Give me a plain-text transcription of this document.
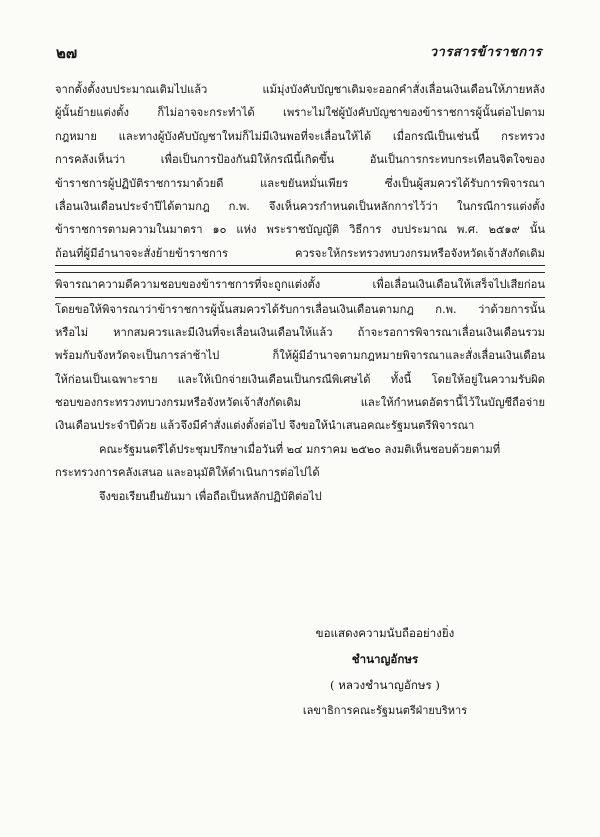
๒๗	วารสารข้าราชการ
จากตั้งตั้งงบประมาณเดิมไปแล้ว แม้มุ่งบังคับบัญชาเดิมจะออกคำสั่งเลื่อนเงินเดือนให้ภายหลัง
ผู้นั้นย้ายแต่งตั้ง ก็ไม่อาจจะกระทำได้ เพราะไม่ใช่ผู้บังคับบัญชาของข้าราชการผู้นั้นต่อไปตาม
กฎหมาย และทางผู้บังคับบัญชาใหม่ก็ไม่มีเงินพอที่จะเลื่อนให้ได้ เมื่อกรณีเป็นเช่นนี้ กระทรวง
การคลังเห็นว่า เพื่อเป็นการป้องกันมิให้กรณีนี้เกิดขึ้น อันเป็นการกระทบกระเทือนจิตใจของ
ข้าราชการผู้ปฏิบัติราชการมาด้วยดี และขยันหมั่นเพียร ซึ่งเป็นผู้สมควรได้รับการพิจารณา
เลื่อนเงินเดือนประจำปีได้ตามกฎ ก.พ. จึงเห็นควรกำหนดเป็นหลักการไว้ว่า ในกรณีการแต่งตั้ง
ข้าราชการตามความในมาตรา ๑๐ แห่ง พระราชบัญญัติ วิธีการ งบประมาณ พ.ศ. ๒๕๑๙ นั้น
ถ้อนที่ผู้มีอำนาจจะสั่งย้ายข้าราชการ ควรจะให้กระทรวงทบวงกรมหรือจังหวัดเจ้าสังกัดเดิม
พิจารณาความดีความชอบของข้าราชการที่จะถูกแต่งตั้ง เพื่อเลื่อนเงินเดือนให้เสร็จไปเสียก่อน
โดยขอให้พิจารณาว่าข้าราชการผู้นั้นสมควรได้รับการเลื่อนเงินเดือนตามกฎ ก.พ. ว่าด้วยการนั้น
หรือไม่ หากสมควรและมีเงินที่จะเลื่อนเงินเดือนให้แล้ว ถ้าจะรอการพิจารณาเลื่อนเงินเดือนรวม
พร้อมกับจังหวัดจะเป็นการล่าช้าไป ก็ให้ผู้มีอำนาจตามกฎหมายพิจารณาและสั่งเลื่อนเงินเดือน
ให้ก่อนเป็นเฉพาะราย และให้เบิกจ่ายเงินเดือนเป็นกรณีพิเศษได้ ทั้งนี้ โดยให้อยู่ในความรับผิด
ชอบของกระทรวงทบวงกรมหรือจังหวัดเจ้าสังกัดเดิม และให้กำหนดอัตรานี้ไว้ในบัญชีถือจ่าย
เงินเดือนประจำปีด้วย แล้วจึงมีคำสั่งแต่งตั้งต่อไป จึงขอให้นำเสนอคณะรัฐมนตรีพิจารณา
คณะรัฐมนตรีได้ประชุมปรึกษาเมื่อวันที่ ๒๔ มกราคม ๒๕๒๐ ลงมติเห็นชอบด้วยตามที่
กระทรวงการคลังเสนอ และอนุมัติให้ดำเนินการต่อไปได้
จึงขอเรียนยืนยันมา เพื่อถือเป็นหลักปฏิบัติต่อไป
ขอแสดงความนับถืออย่างยิ่ง
ชำนาญอักษร
( หลวงชำนาญอักษร )
เลขาธิการคณะรัฐมนตรีฝ่ายบริหาร
